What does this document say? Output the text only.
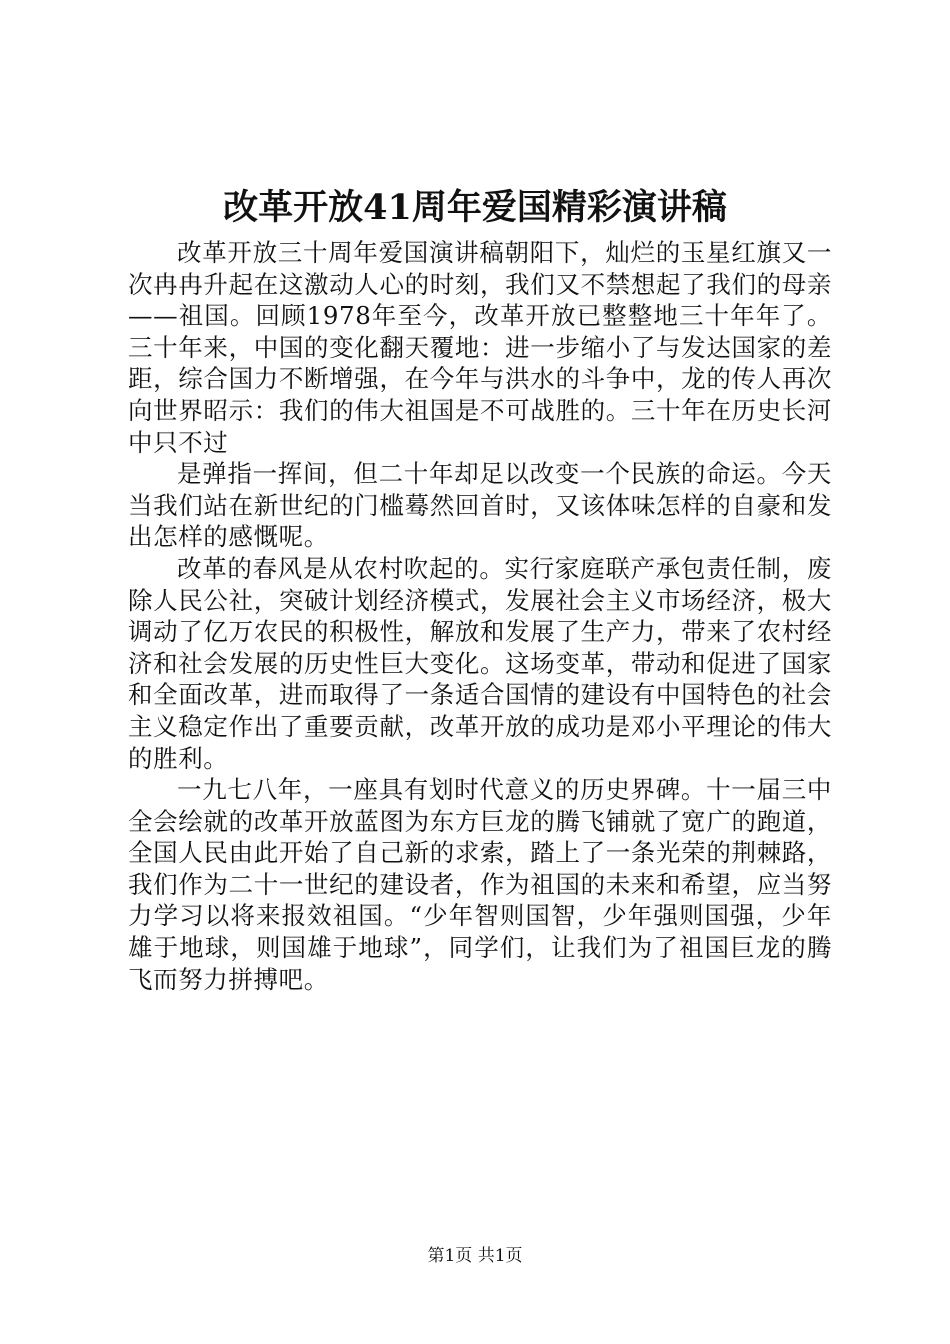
改革开放41周年爱国精彩演讲稿

改革开放三十周年爱国演讲稿朝阳下，灿烂的玉星红旗又一次冉冉升起在这激动人心的时刻，我们又不禁想起了我们的母亲——祖国。回顾1978年至今，改革开放已整整地三十年年了。三十年来，中国的变化翻天覆地：进一步缩小了与发达国家的差距，综合国力不断增强，在今年与洪水的斗争中，龙的传人再次向世界昭示：我们的伟大祖国是不可战胜的。三十年在历史长河中只不过

是弹指一挥间，但二十年却足以改变一个民族的命运。今天当我们站在新世纪的门槛蓦然回首时，又该体味怎样的自豪和发出怎样的感慨呢。

改革的春风是从农村吹起的。实行家庭联产承包责任制，废除人民公社，突破计划经济模式，发展社会主义市场经济，极大调动了亿万农民的积极性，解放和发展了生产力，带来了农村经济和社会发展的历史性巨大变化。这场变革，带动和促进了国家和全面改革，进而取得了一条适合国情的建设有中国特色的社会主义稳定作出了重要贡献，改革开放的成功是邓小平理论的伟大的胜利。

一九七八年，一座具有划时代意义的历史界碑。十一届三中全会绘就的改革开放蓝图为东方巨龙的腾飞铺就了宽广的跑道，全国人民由此开始了自己新的求索，踏上了一条光荣的荆棘路，我们作为二十一世纪的建设者，作为祖国的未来和希望，应当努力学习以将来报效祖国。“少年智则国智，少年强则国强，少年雄于地球，则国雄于地球”，同学们，让我们为了祖国巨龙的腾飞而努力拼搏吧。

第1页 共1页
